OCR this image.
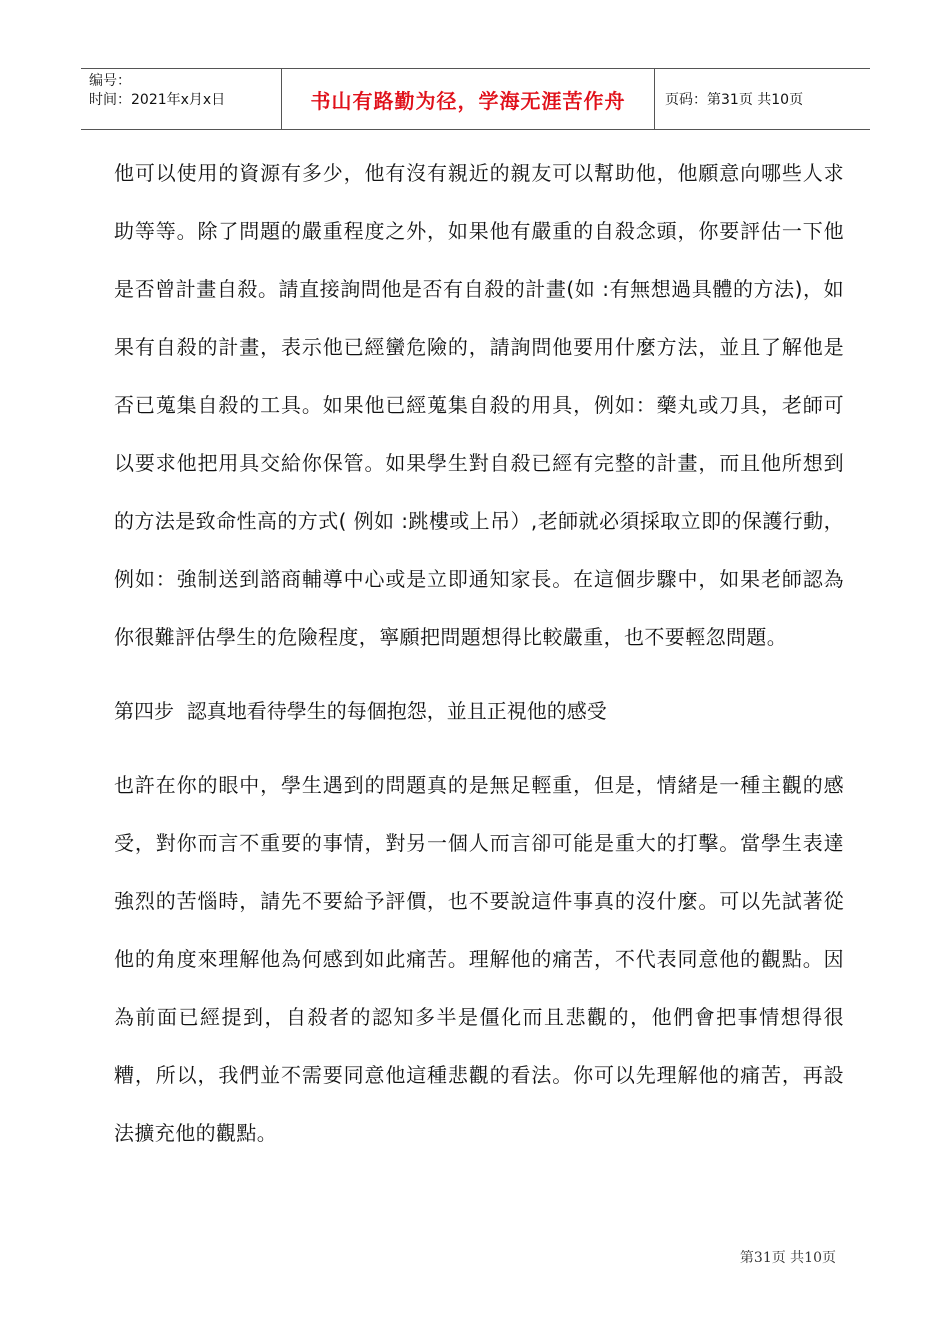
编号：
时间：2021年x月x日	书山有路勤为径，学海无涯苦作舟	页码：第31页 共10页

他可以使用的資源有多少，他有沒有親近的親友可以幫助他，他願意向哪些人求助等等。除了問題的嚴重程度之外，如果他有嚴重的自殺念頭，你要評估一下他是否曾計畫自殺。請直接詢問他是否有自殺的計畫(如 :有無想過具體的方法)，如果有自殺的計畫，表示他已經蠻危險的，請詢問他要用什麼方法，並且了解他是否已蒐集自殺的工具。如果他已經蒐集自殺的用具，例如：藥丸或刀具，老師可以要求他把用具交給你保管。如果學生對自殺已經有完整的計畫，而且他所想到的方法是致命性高的方式( 例如 :跳樓或上吊）,老師就必須採取立即的保護行動，例如：強制送到諮商輔導中心或是立即通知家長。在這個步驟中，如果老師認為你很難評估學生的危險程度，寧願把問題想得比較嚴重，也不要輕忽問題。

第四步  認真地看待學生的每個抱怨，並且正視他的感受

也許在你的眼中，學生遇到的問題真的是無足輕重，但是，情緒是一種主觀的感受，對你而言不重要的事情，對另一個人而言卻可能是重大的打擊。當學生表達強烈的苦惱時，請先不要給予評價，也不要說這件事真的沒什麼。可以先試著從他的角度來理解他為何感到如此痛苦。理解他的痛苦，不代表同意他的觀點。因為前面已經提到，自殺者的認知多半是僵化而且悲觀的，他們會把事情想得很糟，所以，我們並不需要同意他這種悲觀的看法。你可以先理解他的痛苦，再設法擴充他的觀點。

第31页 共10页
